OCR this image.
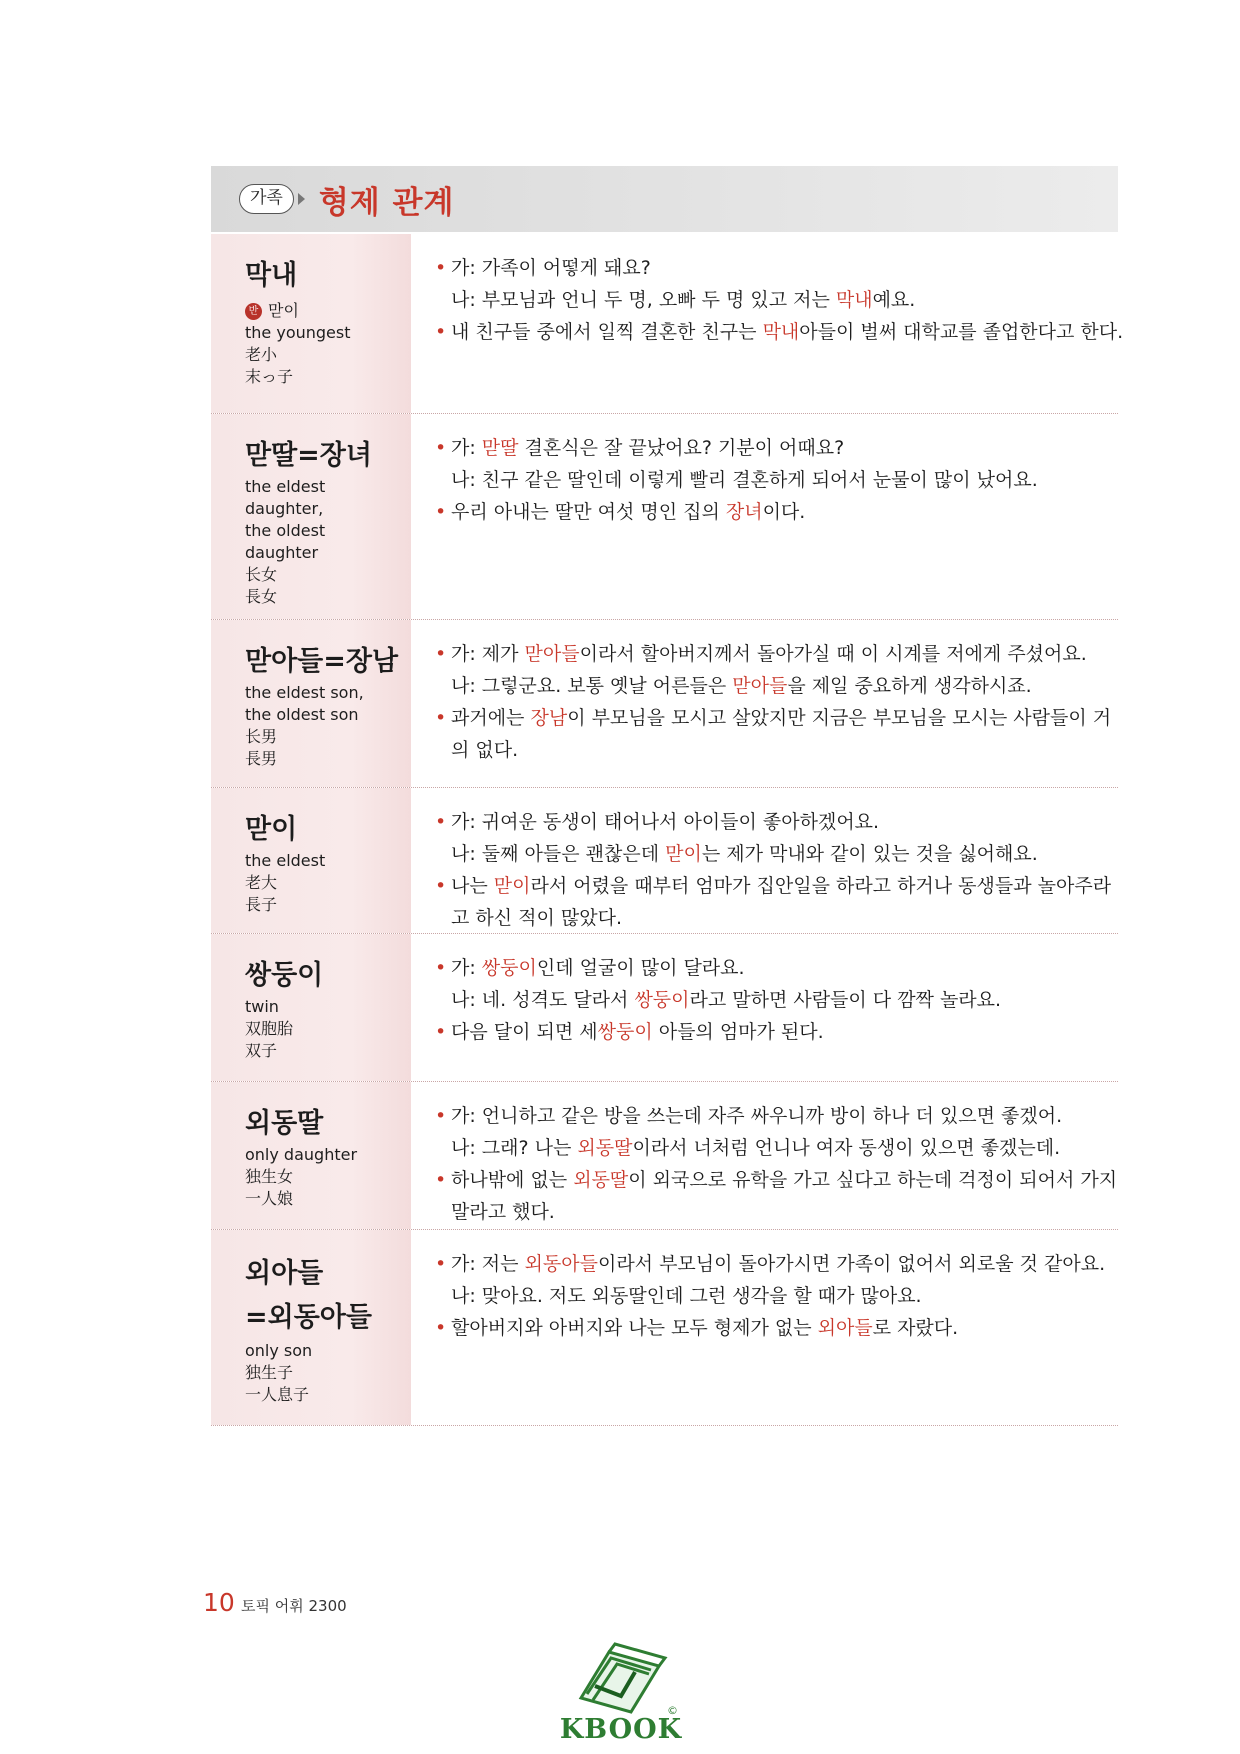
가족	형제 관계
막내
반 맏이
the youngest
老小
末っ子
• 가: 가족이 어떻게 돼요?
나: 부모님과 언니 두 명, 오빠 두 명 있고 저는 막내예요.
• 내 친구들 중에서 일찍 결혼한 친구는 막내아들이 벌써 대학교를 졸업한다고 한다.
맏딸=장녀
the eldest
daughter,
the oldest
daughter
长女
長女
• 가: 맏딸 결혼식은 잘 끝났어요? 기분이 어때요?
나: 친구 같은 딸인데 이렇게 빨리 결혼하게 되어서 눈물이 많이 났어요.
• 우리 아내는 딸만 여섯 명인 집의 장녀이다.
맏아들=장남
the eldest son,
the oldest son
长男
長男
• 가: 제가 맏아들이라서 할아버지께서 돌아가실 때 이 시계를 저에게 주셨어요.
나: 그렇군요. 보통 옛날 어른들은 맏아들을 제일 중요하게 생각하시죠.
• 과거에는 장남이 부모님을 모시고 살았지만 지금은 부모님을 모시는 사람들이 거의 없다.
맏이
the eldest
老大
長子
• 가: 귀여운 동생이 태어나서 아이들이 좋아하겠어요.
나: 둘째 아들은 괜찮은데 맏이는 제가 막내와 같이 있는 것을 싫어해요.
• 나는 맏이라서 어렸을 때부터 엄마가 집안일을 하라고 하거나 동생들과 놀아주라고 하신 적이 많았다.
쌍둥이
twin
双胞胎
双子
• 가: 쌍둥이인데 얼굴이 많이 달라요.
나: 네. 성격도 달라서 쌍둥이라고 말하면 사람들이 다 깜짝 놀라요.
• 다음 달이 되면 세쌍둥이 아들의 엄마가 된다.
외동딸
only daughter
独生女
一人娘
• 가: 언니하고 같은 방을 쓰는데 자주 싸우니까 방이 하나 더 있으면 좋겠어.
나: 그래? 나는 외동딸이라서 너처럼 언니나 여자 동생이 있으면 좋겠는데.
• 하나밖에 없는 외동딸이 외국으로 유학을 가고 싶다고 하는데 걱정이 되어서 가지 말라고 했다.
외아들
=외동아들
only son
独生子
一人息子
• 가: 저는 외동아들이라서 부모님이 돌아가시면 가족이 없어서 외로울 것 같아요.
나: 맞아요. 저도 외동딸인데 그런 생각을 할 때가 많아요.
• 할아버지와 아버지와 나는 모두 형제가 없는 외아들로 자랐다.
10 토픽 어휘 2300
©
KBOOK
